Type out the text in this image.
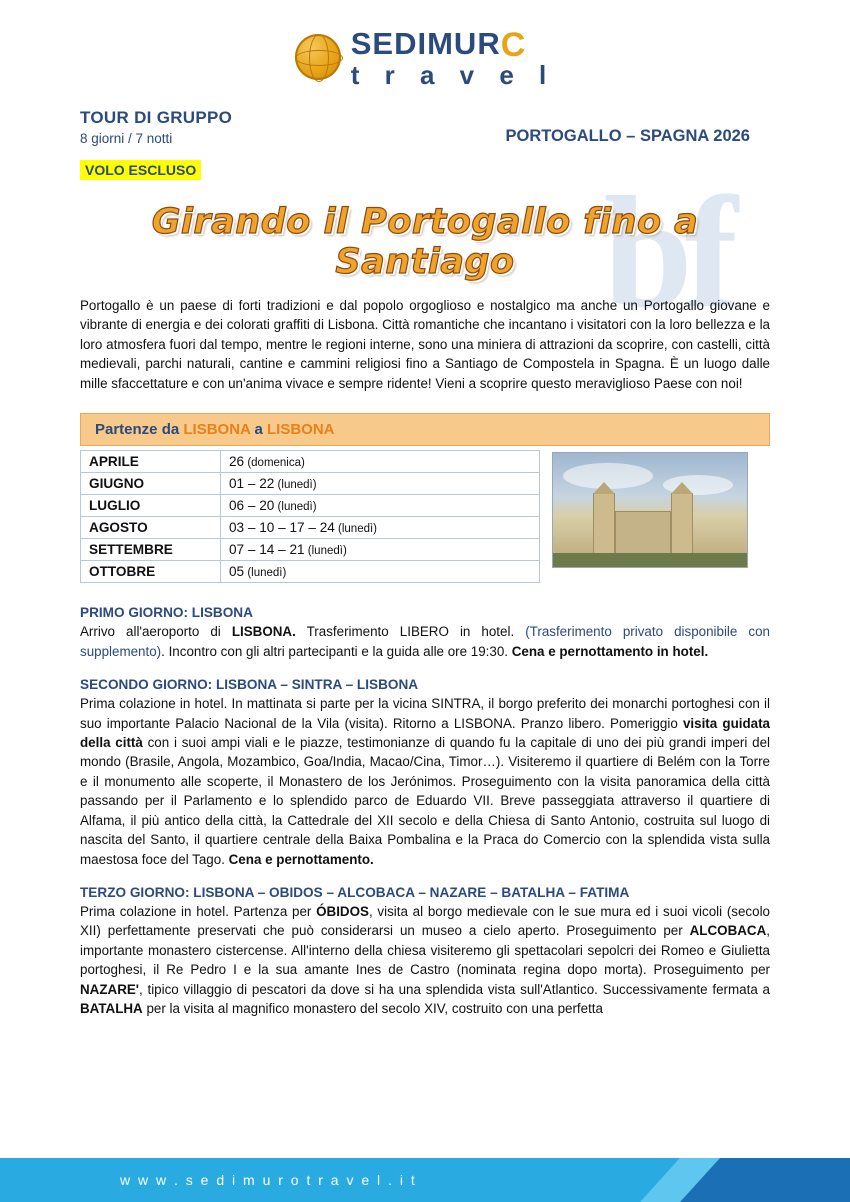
bf
SEDIMURC
t r a v e l
TOUR DI GRUPPO
8 giorni / 7 notti	PORTOGALLO – SPAGNA 2026
VOLO ESCLUSO
Girando il Portogallo fino a Santiago
Portogallo è un paese di forti tradizioni e dal popolo orgoglioso e nostalgico ma anche un Portogallo giovane e vibrante di energia e dei colorati graffiti di Lisbona. Città romantiche che incantano i visitatori con la loro bellezza e la loro atmosfera fuori dal tempo, mentre le regioni interne, sono una miniera di attrazioni da scoprire, con castelli, città medievali, parchi naturali, cantine e cammini religiosi fino a Santiago de Compostela in Spagna. È un luogo dalle mille sfaccettature e con un'anima vivace e sempre ridente! Vieni a scoprire questo meraviglioso Paese con noi!
Partenze da LISBONA a LISBONA
APRILE	26 (domenica)
GIUGNO	01 – 22 (lunedì)
LUGLIO	06 – 20 (lunedì)
AGOSTO	03 – 10 – 17 – 24 (lunedì)
SETTEMBRE	07 – 14 – 21 (lunedì)
OTTOBRE	05 (lunedì)
PRIMO GIORNO: LISBONA
Arrivo all'aeroporto di LISBONA. Trasferimento LIBERO in hotel. (Trasferimento privato disponibile con supplemento). Incontro con gli altri partecipanti e la guida alle ore 19:30. Cena e pernottamento in hotel.
SECONDO GIORNO: LISBONA – SINTRA – LISBONA
Prima colazione in hotel. In mattinata si parte per la vicina SINTRA, il borgo preferito dei monarchi portoghesi con il suo importante Palacio Nacional de la Vila (visita). Ritorno a LISBONA. Pranzo libero. Pomeriggio visita guidata della città con i suoi ampi viali e le piazze, testimonianze di quando fu la capitale di uno dei più grandi imperi del mondo (Brasile, Angola, Mozambico, Goa/India, Macao/Cina, Timor…). Visiteremo il quartiere di Belém con la Torre e il monumento alle scoperte, il Monastero de los Jerónimos. Proseguimento con la visita panoramica della città passando per il Parlamento e lo splendido parco de Eduardo VII. Breve passeggiata attraverso il quartiere di Alfama, il più antico della città, la Cattedrale del XII secolo e della Chiesa di Santo Antonio, costruita sul luogo di nascita del Santo, il quartiere centrale della Baixa Pombalina e la Praca do Comercio con la splendida vista sulla maestosa foce del Tago. Cena e pernottamento.
TERZO GIORNO: LISBONA – OBIDOS – ALCOBACA – NAZARE – BATALHA – FATIMA
Prima colazione in hotel. Partenza per ÓBIDOS, visita al borgo medievale con le sue mura ed i suoi vicoli (secolo XII) perfettamente preservati che può considerarsi un museo a cielo aperto. Proseguimento per ALCOBACA, importante monastero cistercense. All'interno della chiesa visiteremo gli spettacolari sepolcri dei Romeo e Giulietta portoghesi, il Re Pedro I e la sua amante Ines de Castro (nominata regina dopo morta). Proseguimento per NAZARE', tipico villaggio di pescatori da dove si ha una splendida vista sull'Atlantico. Successivamente fermata a BATALHA per la visita al magnifico monastero del secolo XIV, costruito con una perfetta
w w w . s e d i m u r o t r a v e l . i t
